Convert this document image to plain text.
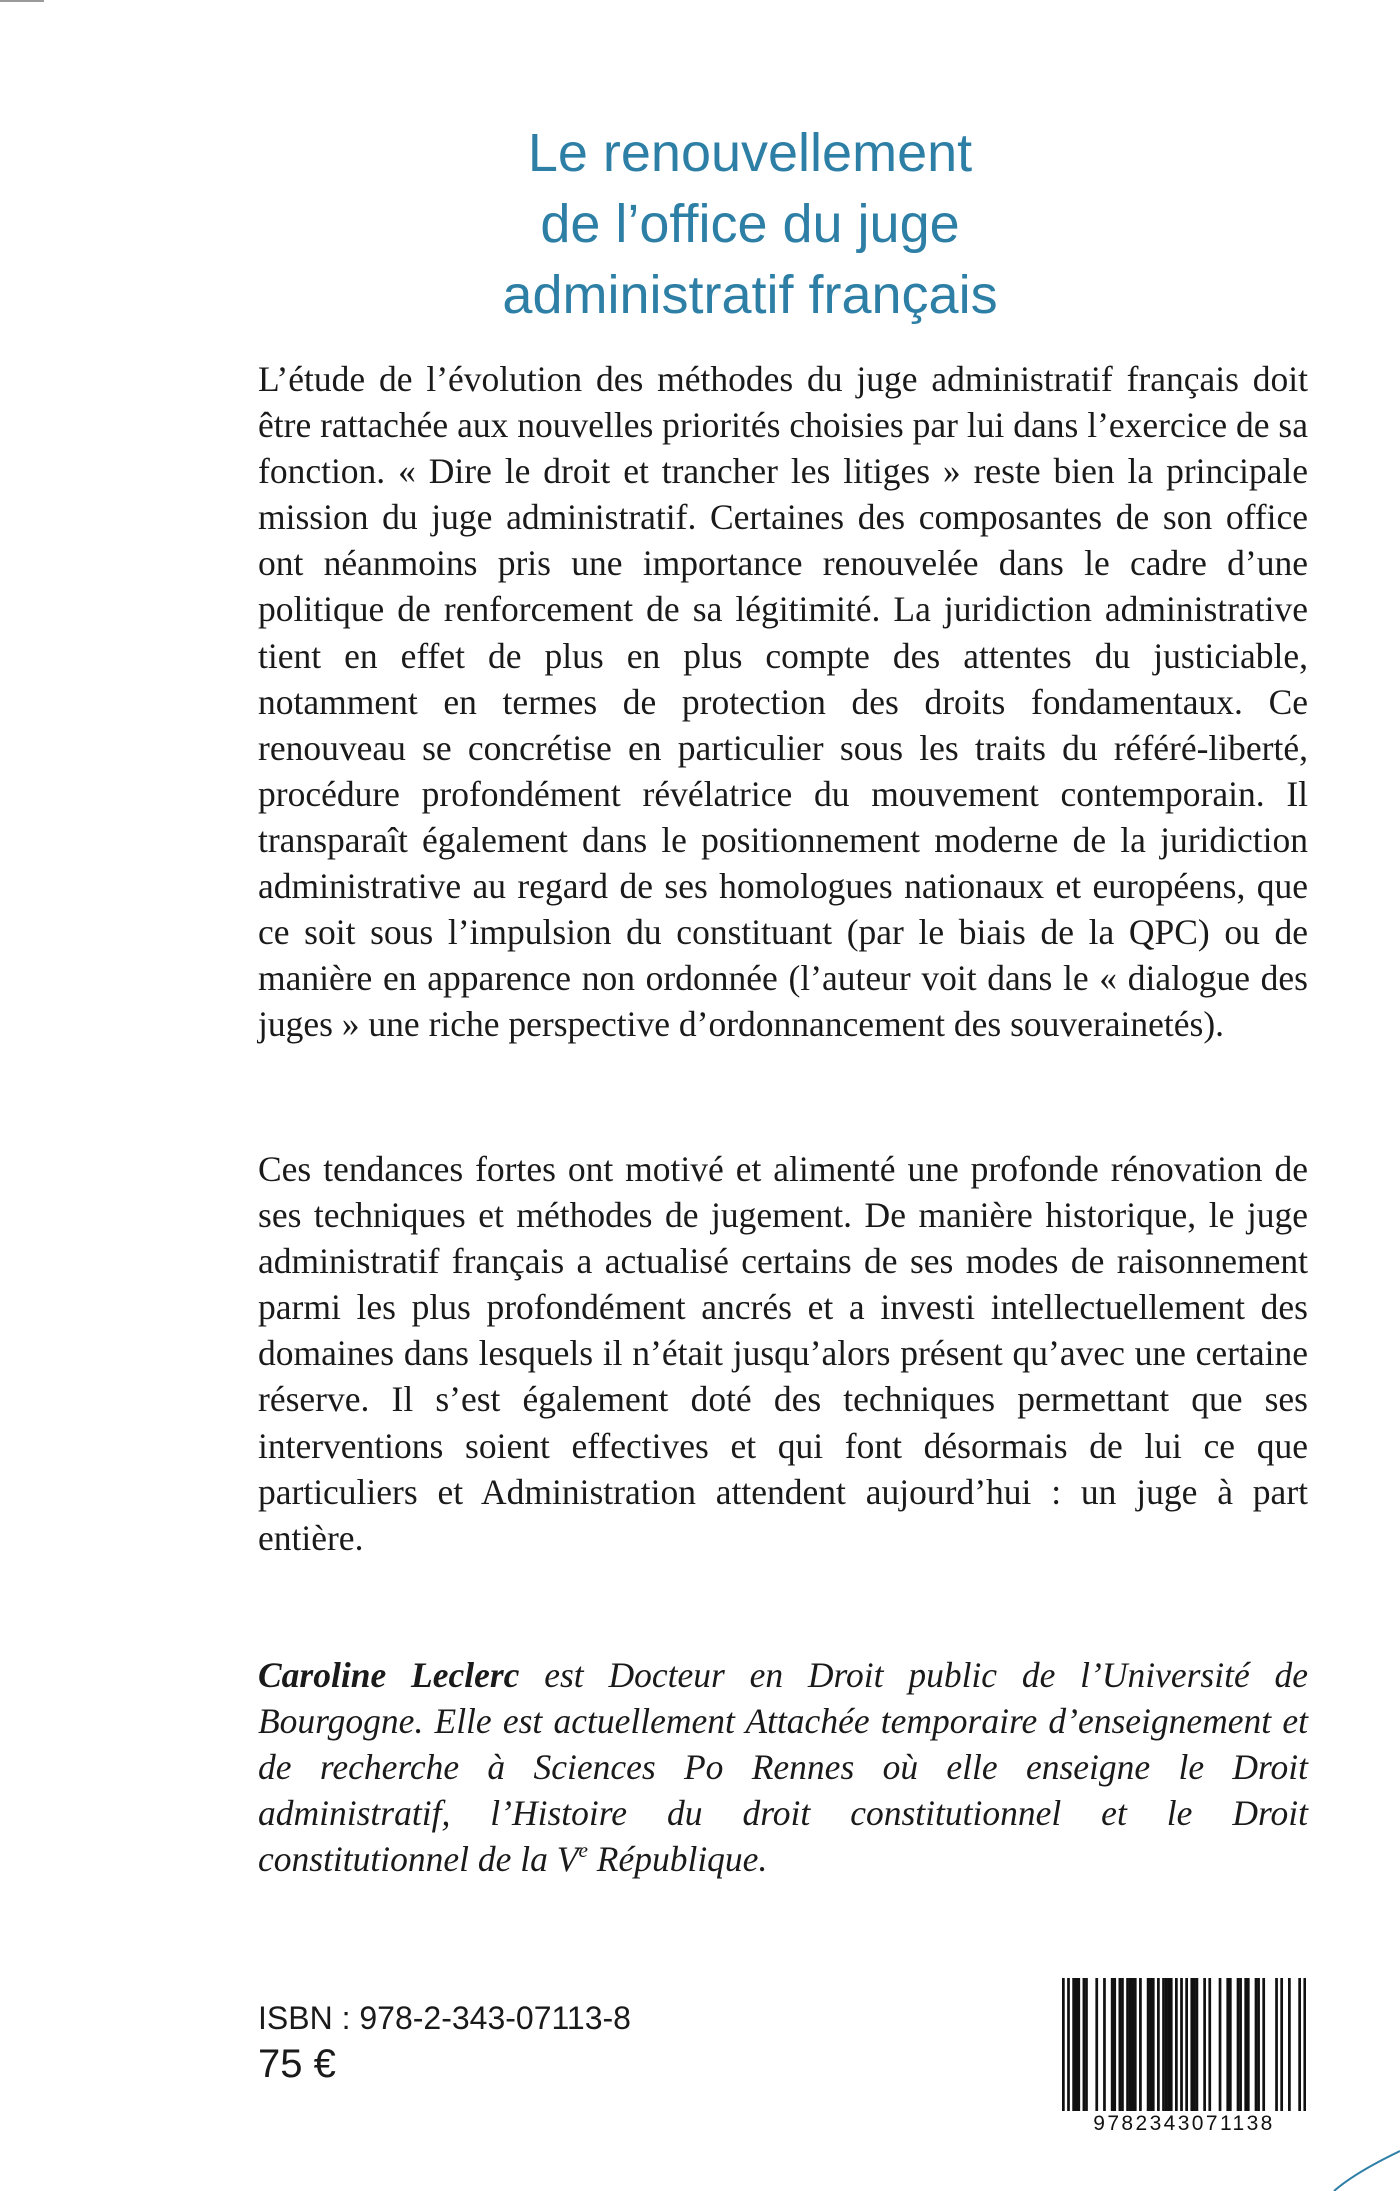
Le renouvellement
de l’office du juge
administratif français

L’étude de l’évolution des méthodes du juge administratif français doit être rattachée aux nouvelles priorités choisies par lui dans l’exercice de sa fonction. « Dire le droit et trancher les litiges » reste bien la principale mission du juge administratif. Certaines des composantes de son office ont néanmoins pris une importance renouvelée dans le cadre d’une politique de renforcement de sa légitimité. La juridiction administrative tient en effet de plus en plus compte des attentes du justiciable, notamment en termes de protection des droits fondamentaux. Ce renouveau se concrétise en particulier sous les traits du référé-liberté, procédure profondément révélatrice du mouvement contemporain. Il transparaît également dans le positionnement moderne de la juridiction administrative au regard de ses homologues nationaux et européens, que ce soit sous l’impulsion du constituant (par le biais de la QPC) ou de manière en apparence non ordonnée (l’auteur voit dans le « dialogue des juges » une riche perspective d’ordonnancement des souverainetés).

Ces tendances fortes ont motivé et alimenté une profonde rénovation de ses techniques et méthodes de jugement. De manière historique, le juge administratif français a actualisé certains de ses modes de raisonnement parmi les plus profondément ancrés et a investi intellectuellement des domaines dans lesquels il n’était jusqu’alors présent qu’avec une certaine réserve. Il s’est également doté des techniques permettant que ses interventions soient effectives et qui font désormais de lui ce que particuliers et Administration attendent aujourd’hui : un juge à part entière.

Caroline Leclerc est Docteur en Droit public de l’Université de Bourgogne. Elle est actuellement Attachée temporaire d’enseignement et de recherche à Sciences Po Rennes où elle enseigne le Droit administratif, l’Histoire du droit constitutionnel et le Droit constitutionnel de la Ve République.

ISBN : 978-2-343-07113-8
75 €
9782343071138
